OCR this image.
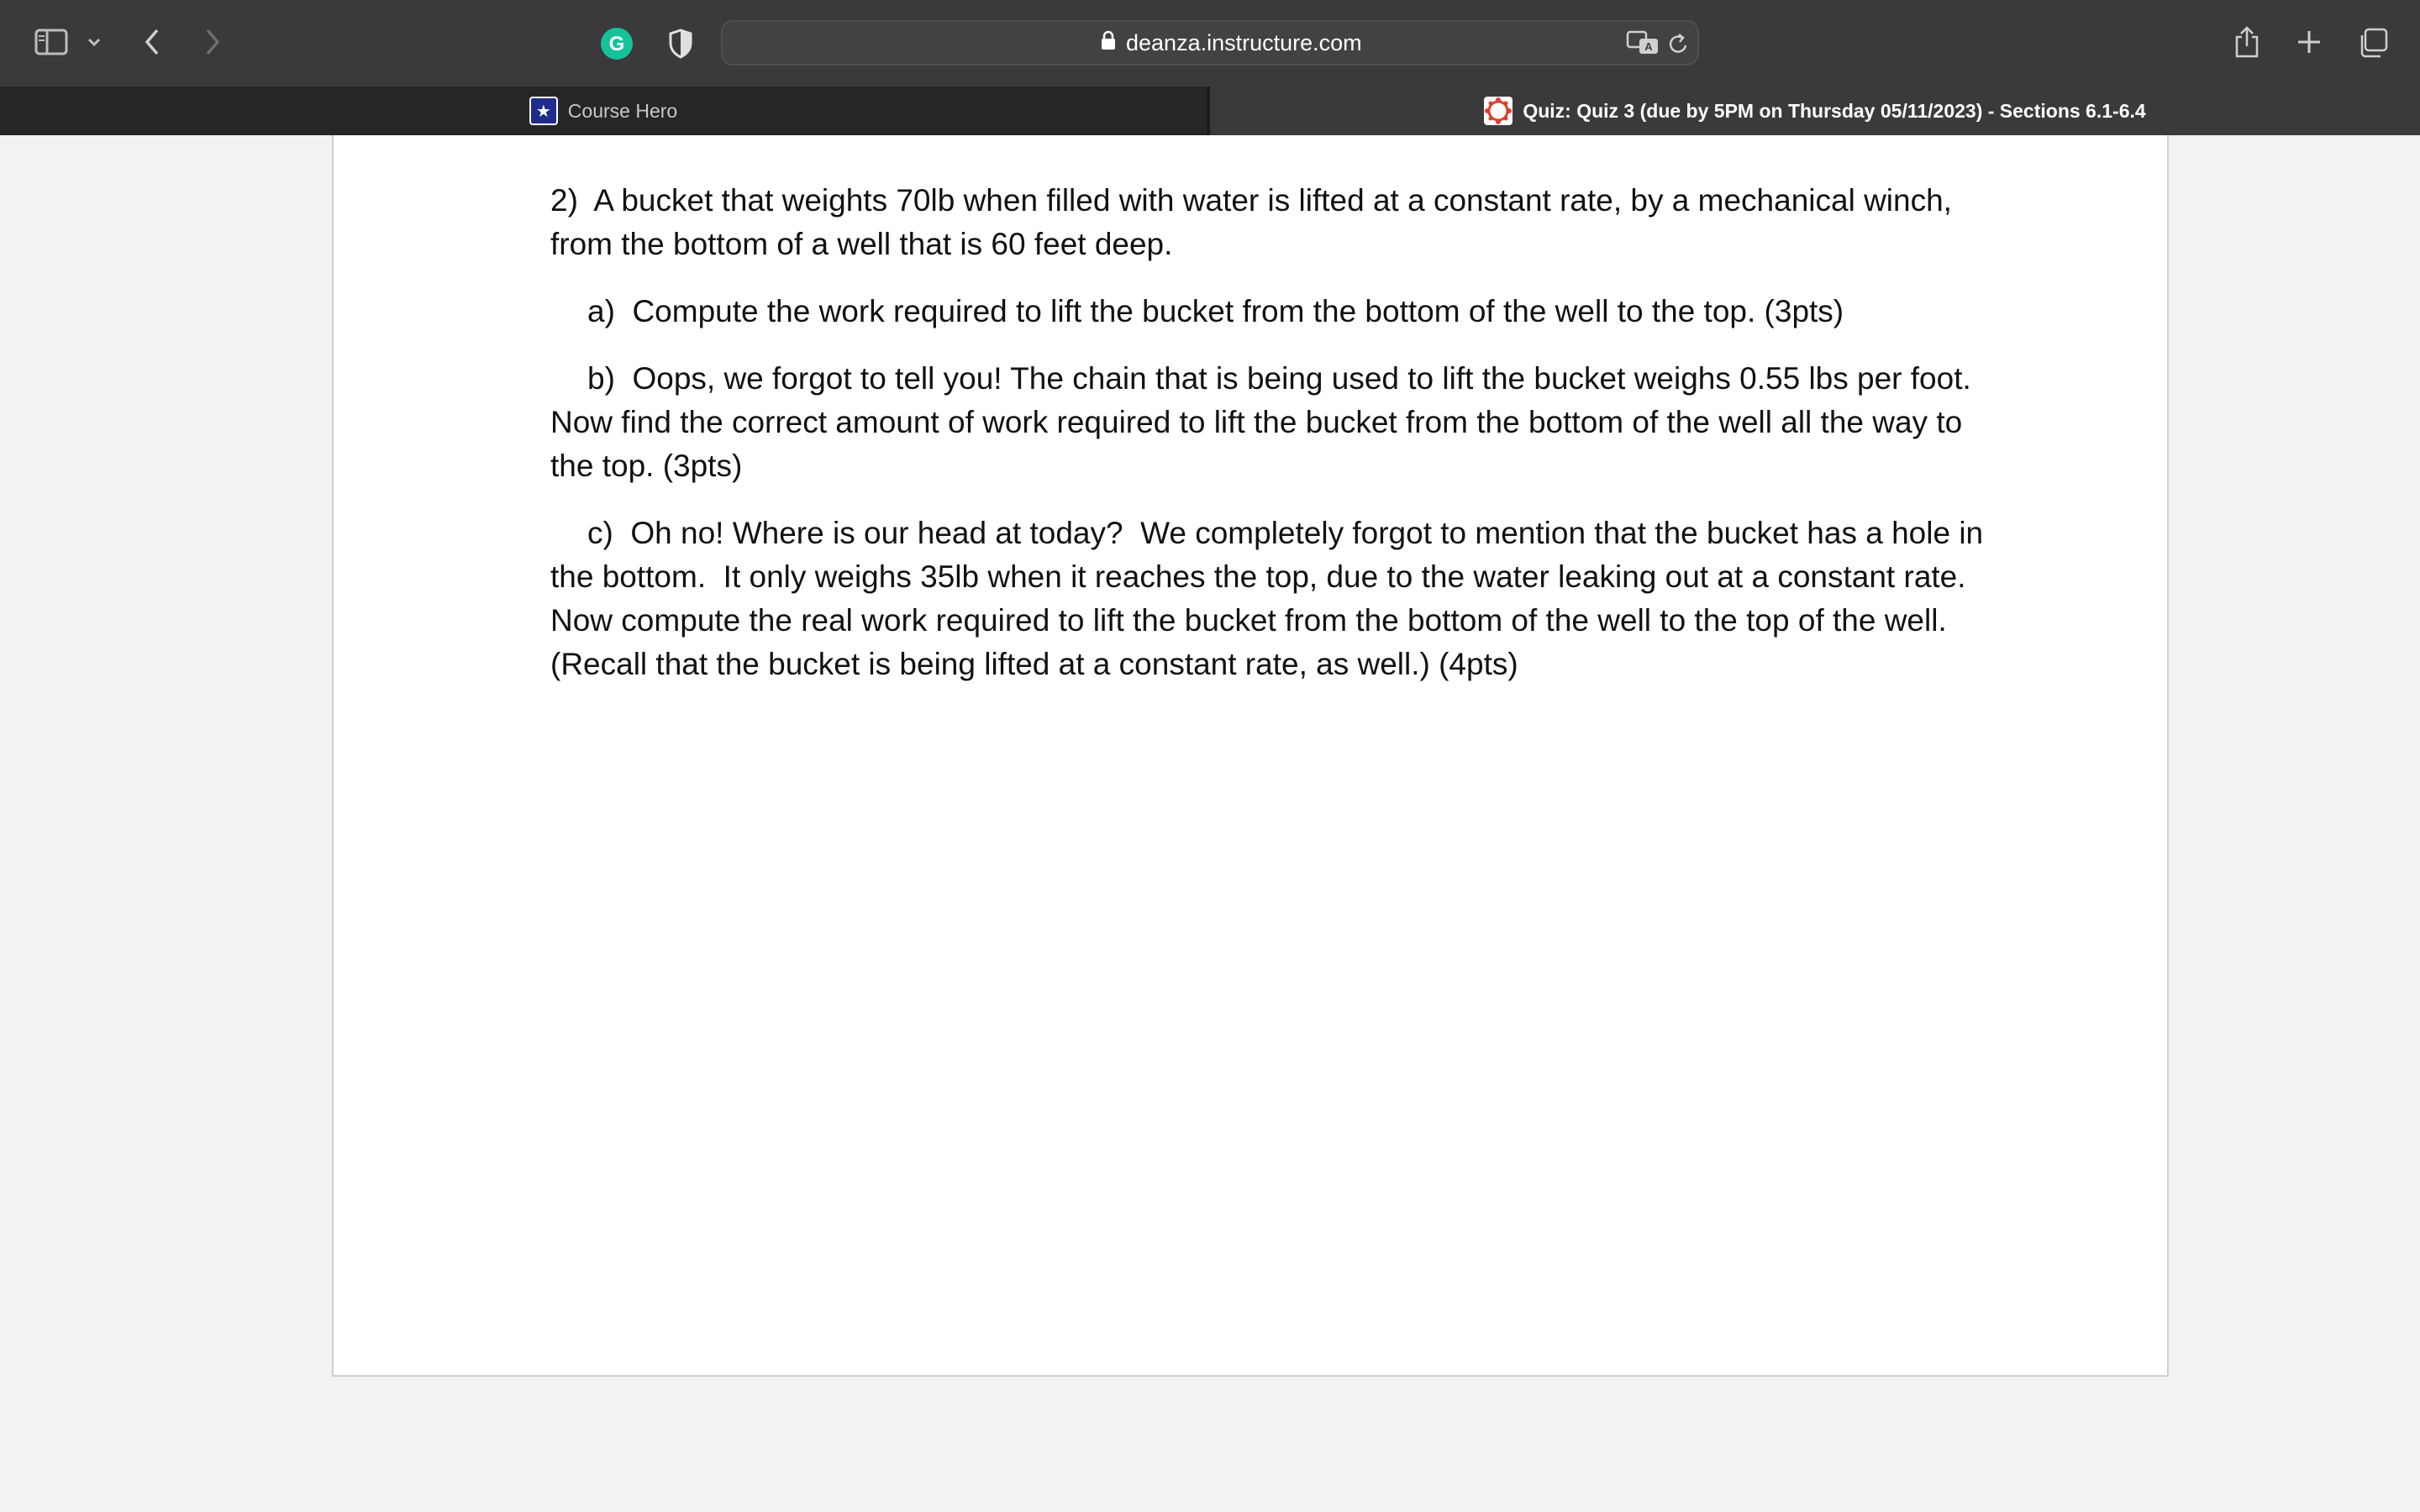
G	deanza.instructure.com	A
★ Course Hero	Quiz: Quiz 3 (due by 5PM on Thursday 05/11/2023) - Sections 6.1-6.4

2)  A bucket that weights 70lb when filled with water is lifted at a constant rate, by a mechanical winch, from the bottom of a well that is 60 feet deep.

a)  Compute the work required to lift the bucket from the bottom of the well to the top. (3pts)

b)  Oops, we forgot to tell you! The chain that is being used to lift the bucket weighs 0.55 lbs per foot. Now find the correct amount of work required to lift the bucket from the bottom of the well all the way to the top. (3pts)

c)  Oh no! Where is our head at today?  We completely forgot to mention that the bucket has a hole in the bottom.  It only weighs 35lb when it reaches the top, due to the water leaking out at a constant rate. Now compute the real work required to lift the bucket from the bottom of the well to the top of the well. (Recall that the bucket is being lifted at a constant rate, as well.) (4pts)
